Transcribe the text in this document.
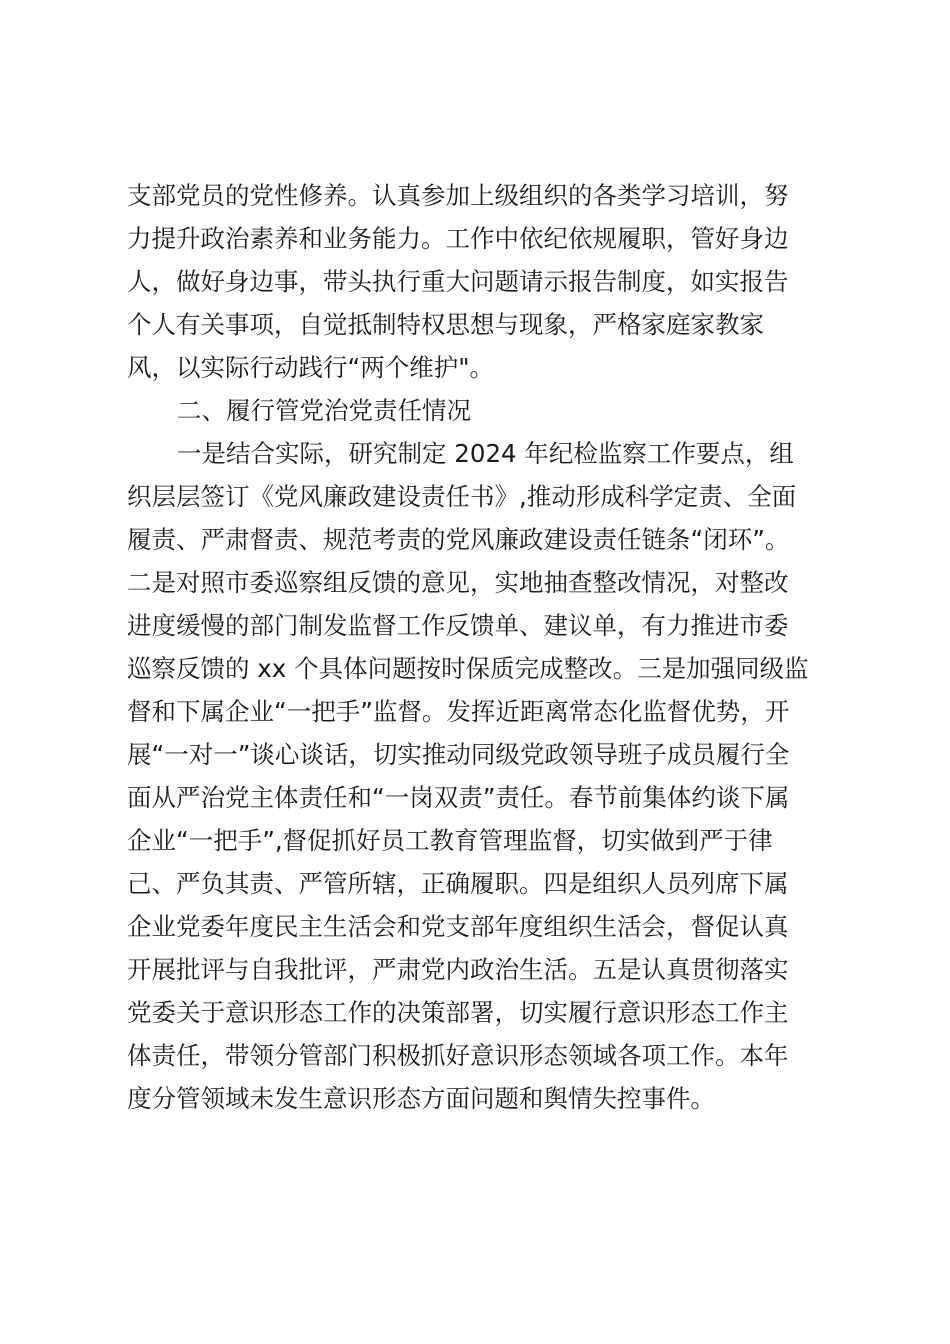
支部党员的党性修养。认真参加上级组织的各类学习培训，努
力提升政治素养和业务能力。工作中依纪依规履职，管好身边
人，做好身边事，带头执行重大问题请示报告制度，如实报告
个人有关事项，自觉抵制特权思想与现象，严格家庭家教家
风，以实际行动践行“两个维护"。
二、履行管党治党责任情况
一是结合实际，研究制定 2024 年纪检监察工作要点，组
织层层签订《党风廉政建设责任书》,推动形成科学定责、全面
履责、严肃督责、规范考责的党风廉政建设责任链条“闭环”。
二是对照市委巡察组反馈的意见，实地抽查整改情况，对整改
进度缓慢的部门制发监督工作反馈单、建议单，有力推进市委
巡察反馈的 xx 个具体问题按时保质完成整改。三是加强同级监
督和下属企业“一把手”监督。发挥近距离常态化监督优势，开
展“一对一”谈心谈话，切实推动同级党政领导班子成员履行全
面从严治党主体责任和“一岗双责”责任。春节前集体约谈下属
企业“一把手”,督促抓好员工教育管理监督，切实做到严于律
己、严负其责、严管所辖，正确履职。四是组织人员列席下属
企业党委年度民主生活会和党支部年度组织生活会，督促认真
开展批评与自我批评，严肃党内政治生活。五是认真贯彻落实
党委关于意识形态工作的决策部署，切实履行意识形态工作主
体责任，带领分管部门积极抓好意识形态领域各项工作。本年
度分管领域未发生意识形态方面问题和舆情失控事件。
